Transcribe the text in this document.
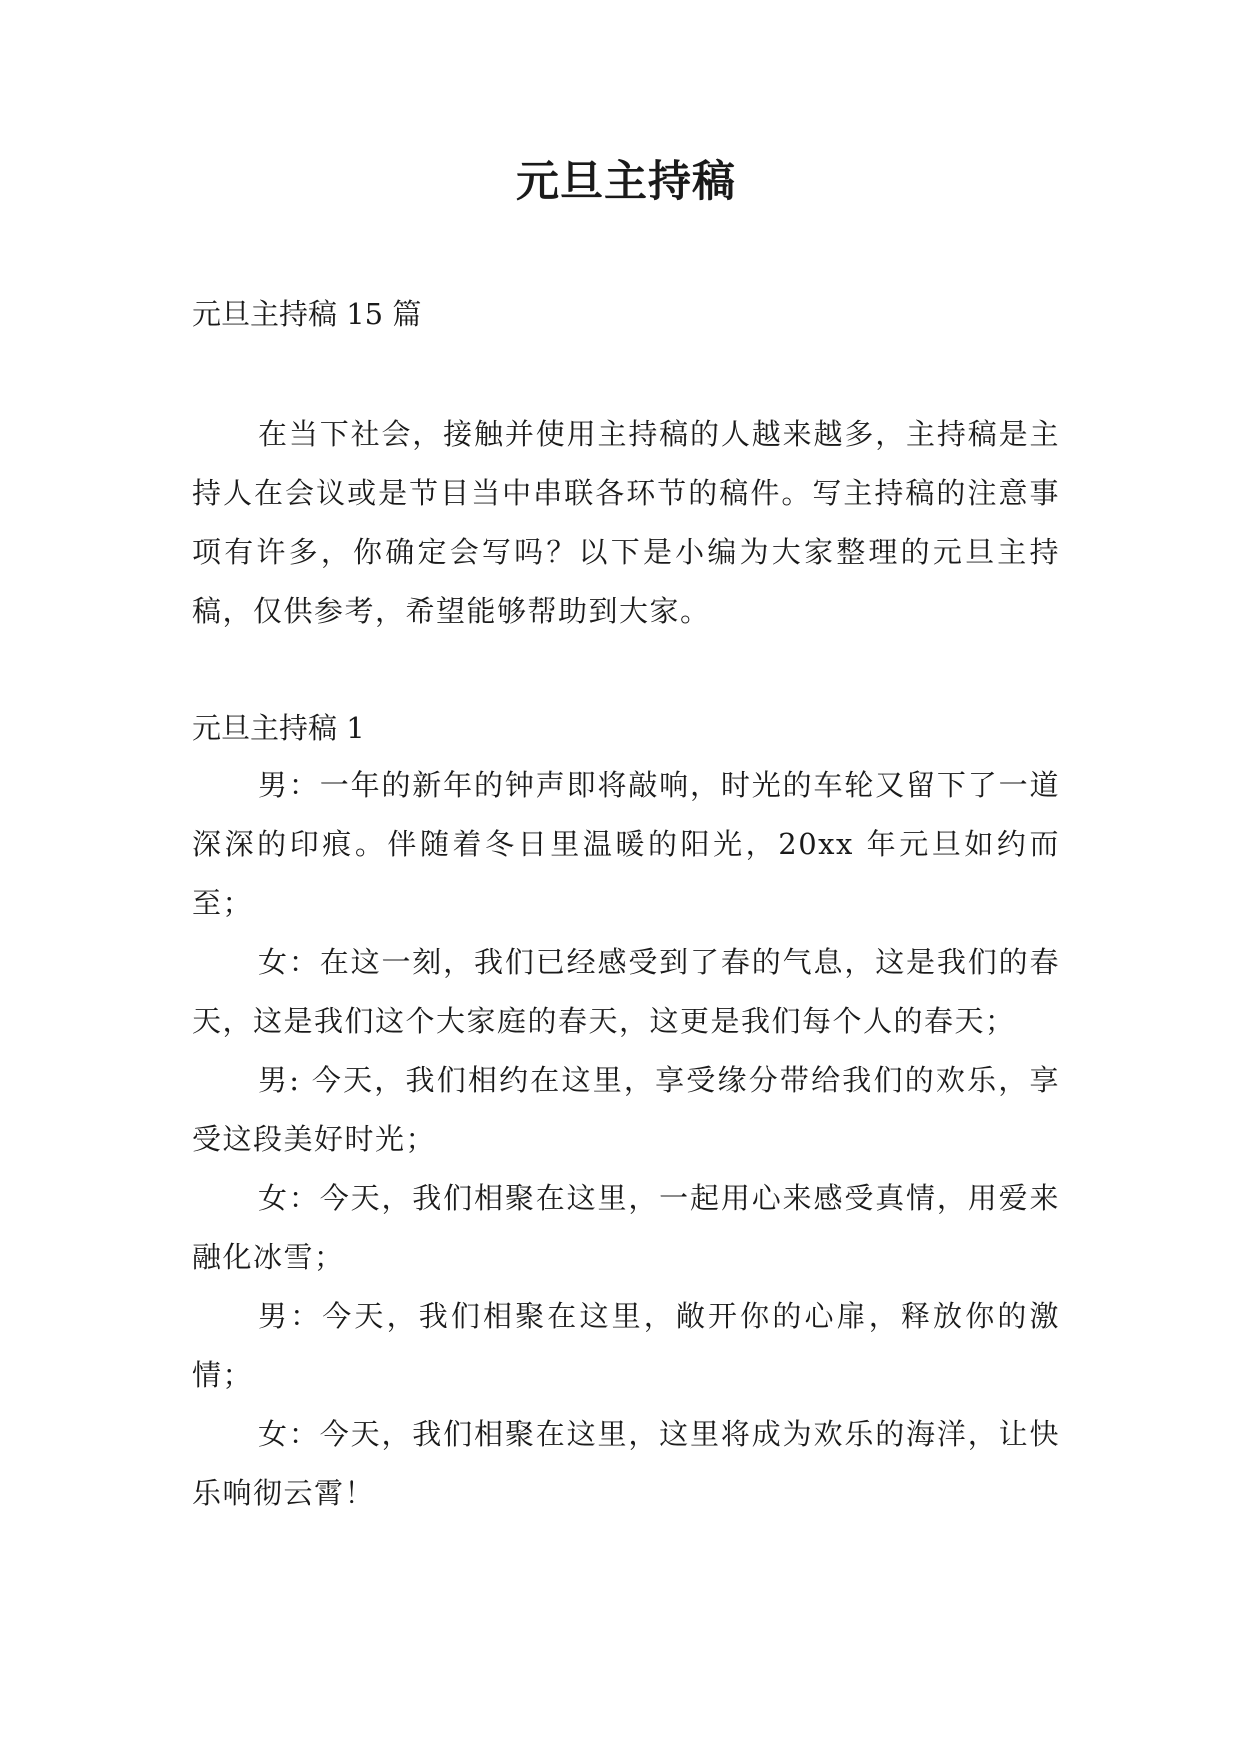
元旦主持稿

元旦主持稿 15 篇

在当下社会，接触并使用主持稿的人越来越多，主持稿是主持人在会议或是节目当中串联各环节的稿件。写主持稿的注意事项有许多，你确定会写吗？以下是小编为大家整理的元旦主持稿，仅供参考，希望能够帮助到大家。

元旦主持稿 1

男：一年的新年的钟声即将敲响，时光的车轮又留下了一道深深的印痕。伴随着冬日里温暖的阳光，20xx 年元旦如约而至；

女：在这一刻，我们已经感受到了春的气息，这是我们的春天，这是我们这个大家庭的春天，这更是我们每个人的春天；

男: 今天，我们相约在这里，享受缘分带给我们的欢乐，享受这段美好时光；

女：今天，我们相聚在这里，一起用心来感受真情，用爱来融化冰雪；

男：今天，我们相聚在这里，敞开你的心扉，释放你的激情；

女：今天，我们相聚在这里，这里将成为欢乐的海洋，让快乐响彻云霄！
